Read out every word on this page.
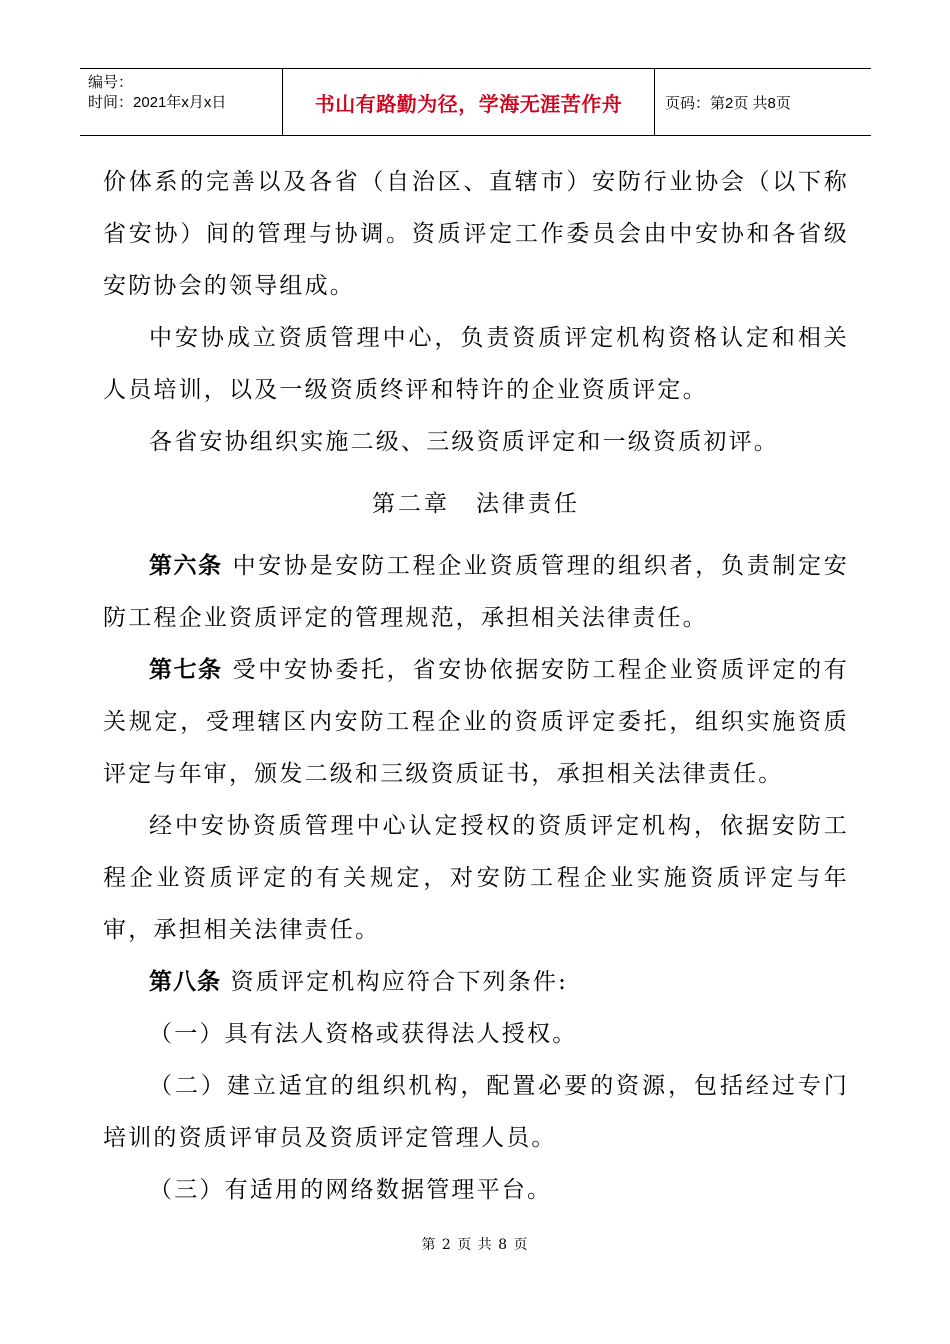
编号：
时间：2021年x月x日	书山有路勤为径，学海无涯苦作舟	页码：第2页 共8页

价体系的完善以及各省（自治区、直辖市）安防行业协会（以下称省安协）间的管理与协调。资质评定工作委员会由中安协和各省级安防协会的领导组成。

中安协成立资质管理中心，负责资质评定机构资格认定和相关人员培训，以及一级资质终评和特许的企业资质评定。

各省安协组织实施二级、三级资质评定和一级资质初评。

第二章　法律责任

第六条 中安协是安防工程企业资质管理的组织者，负责制定安防工程企业资质评定的管理规范，承担相关法律责任。

第七条 受中安协委托，省安协依据安防工程企业资质评定的有关规定，受理辖区内安防工程企业的资质评定委托，组织实施资质评定与年审，颁发二级和三级资质证书，承担相关法律责任。

经中安协资质管理中心认定授权的资质评定机构，依据安防工程企业资质评定的有关规定，对安防工程企业实施资质评定与年审，承担相关法律责任。

第八条 资质评定机构应符合下列条件:

（一）具有法人资格或获得法人授权。

（二）建立适宜的组织机构，配置必要的资源，包括经过专门培训的资质评审员及资质评定管理人员。

（三）有适用的网络数据管理平台。

第 2 页 共 8 页
